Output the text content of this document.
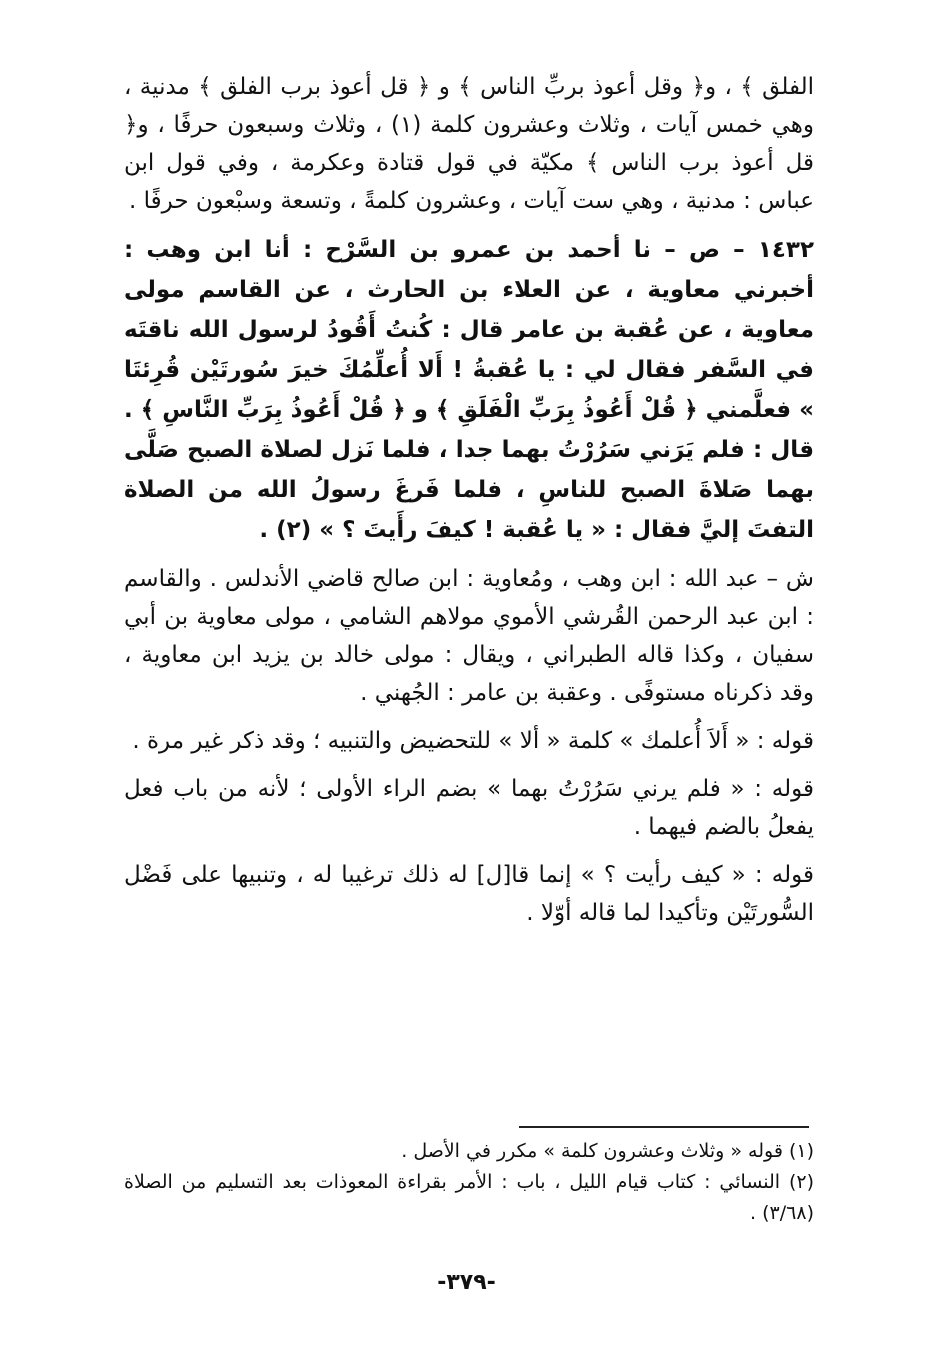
الفلق ﴾ ، و﴿ وقل أعوذ بربِّ الناس ﴾ و ﴿ قل أعوذ برب الفلق ﴾ مدنية ، وهي خمس آيات ، وثلاث وعشرون كلمة (١) ، وثلاث وسبعون حرفًا ، و﴿ قل أعوذ برب الناس ﴾ مكيّة في قول قتادة وعكرمة ، وفي قول ابن عباس : مدنية ، وهي ست آيات ، وعشرون كلمةً ، وتسعة وسبْعون حرفًا .

١٤٣٢ – ص – نا أحمد بن عمرو بن السَّرْح : أنا ابن وهب : أخبرني معاوية ، عن العلاء بن الحارث ، عن القاسم مولى معاوية ، عن عُقبة بن عامر قال : كُنتُ أَقُودُ لرسول الله ناقتَه في السَّفر فقال لي : يا عُقبةُ ! أَلا أُعلِّمُكَ خيرَ سُورتَيْن قُرِئتَا » فعلَّمني ﴿ قُلْ أَعُوذُ بِرَبِّ الْفَلَقِ ﴾ و ﴿ قُلْ أَعُوذُ بِرَبِّ النَّاسِ ﴾ . قال : فلم يَرَني سَرُرْتُ بهما جدا ، فلما نَزل لصلاة الصبح صَلَّى بهما صَلاةَ الصبح للناسِ ، فلما فَرغَ رسولُ الله من الصلاة التفتَ إليَّ فقال : « يا عُقبة ! كيفَ رأَيتَ ؟ » (٢) .

ش – عبد الله : ابن وهب ، ومُعاوية : ابن صالح قاضي الأندلس . والقاسم : ابن عبد الرحمن القُرشي الأموي مولاهم الشامي ، مولى معاوية بن أبي سفيان ، وكذا قاله الطبراني ، ويقال : مولى خالد بن يزيد ابن معاوية ، وقد ذكرناه مستوفًى . وعقبة بن عامر : الجُهني .

قوله : « أَلاَ أُعلمك » كلمة « ألا » للتحضيض والتنبيه ؛ وقد ذكر غير مرة .

قوله : « فلم يرني سَرُرْتُ بهما » بضم الراء الأولى ؛ لأنه من باب فعل يفعلُ بالضم فيهما .

قوله : « كيف رأيت ؟ » إنما قا[ل] له ذلك ترغيبا له ، وتنبيها على فَضْل السُّورتَيْن وتأكيدا لما قاله أوّلا .

(١) قوله « وثلاث وعشرون كلمة » مكرر في الأصل .

(٢) النسائي : كتاب قيام الليل ، باب : الأمر بقراءة المعوذات بعد التسليم من الصلاة (٣/٦٨) .

-٣٧٩-
